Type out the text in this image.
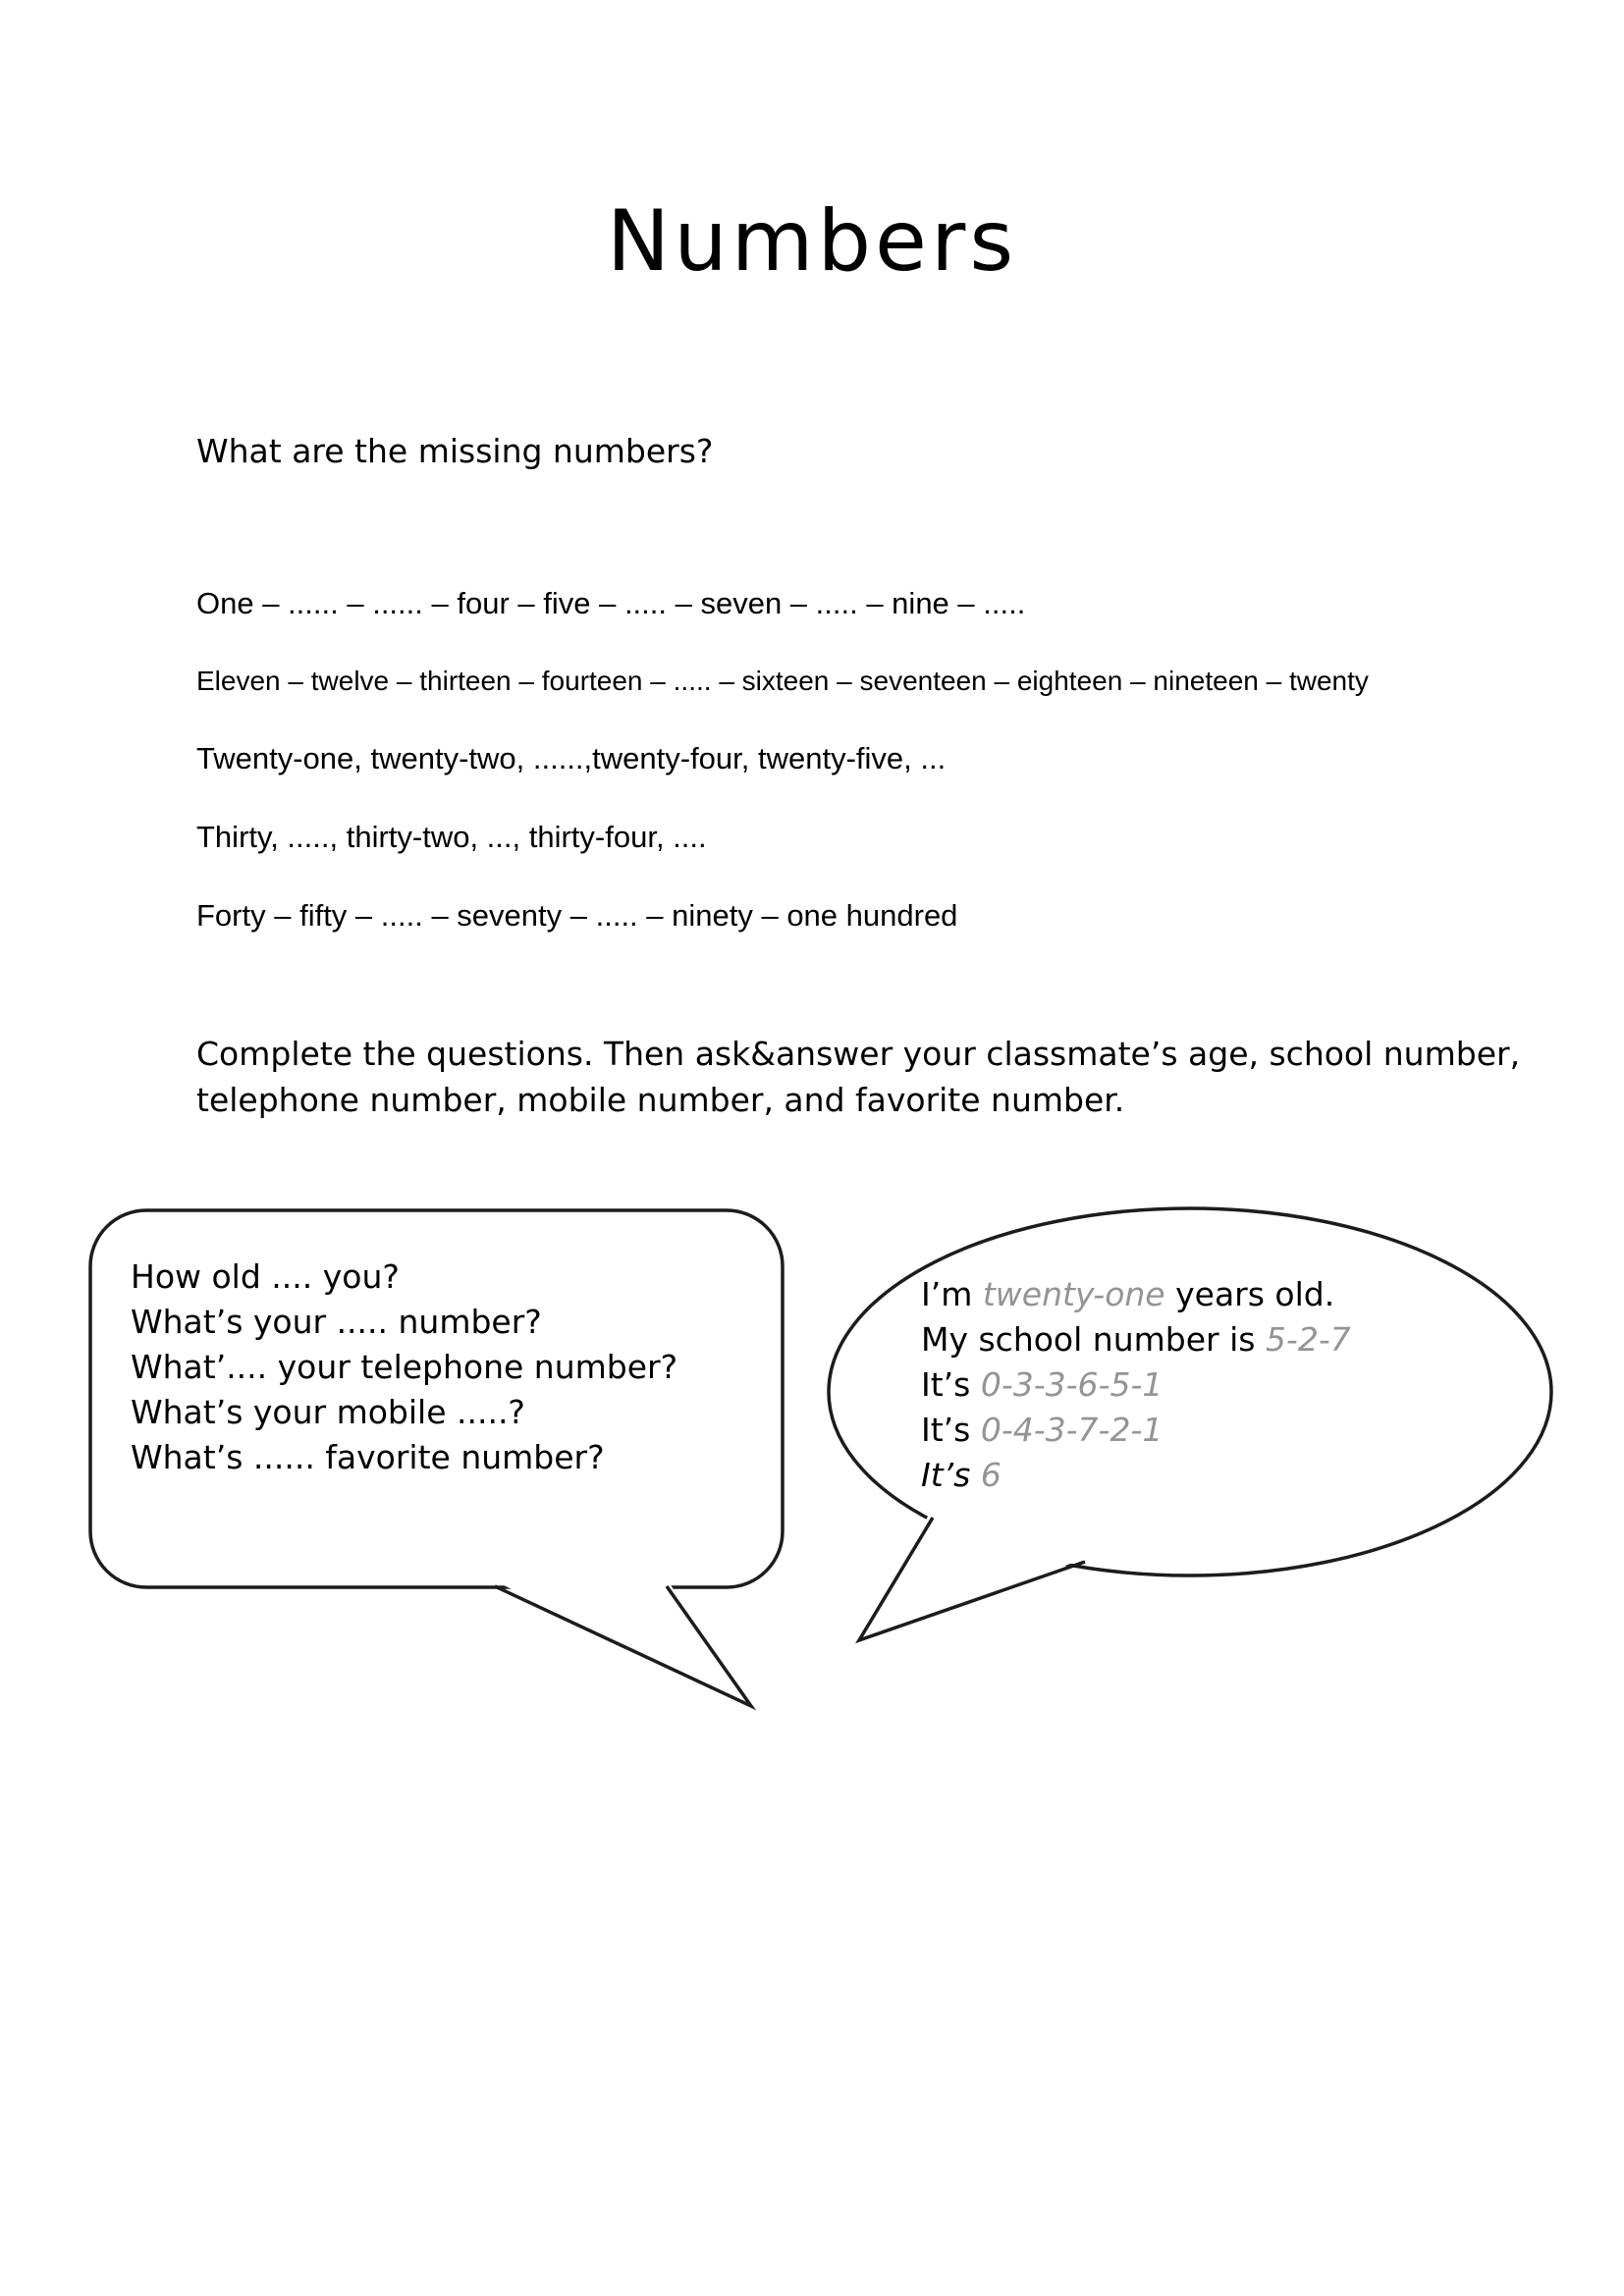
Numbers
What are the missing numbers?
One – ...... – ...... – four – five – ..... – seven – ..... – nine – .....
Eleven – twelve – thirteen – fourteen – ..... – sixteen – seventeen – eighteen – nineteen – twenty
Twenty-one, twenty-two, ......,twenty-four, twenty-five, ...
Thirty, ....., thirty-two, ..., thirty-four, ....
Forty – fifty – ..... – seventy – ..... – ninety – one hundred
Complete the questions. Then ask&answer your classmate’s age, school number,
telephone number, mobile number, and favorite number.
How old .... you?
What’s your ..... number?
What’.... your telephone number?
What’s your mobile .....?
What’s ...... favorite number?
I’m twenty-one years old.
My school number is 5-2-7
It’s 0-3-3-6-5-1
It’s 0-4-3-7-2-1
It’s 6
